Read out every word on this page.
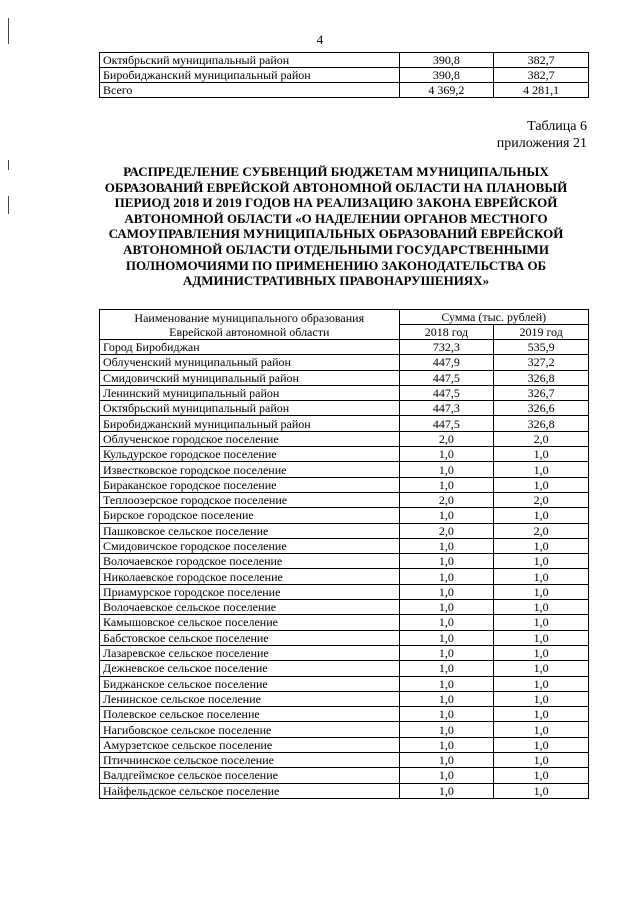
4
Октябрьский муниципальный район	390,8	382,7
Биробиджанский муниципальный район	390,8	382,7
Всего	4 369,2	4 281,1
Таблица 6
приложения 21
РАСПРЕДЕЛЕНИЕ СУБВЕНЦИЙ БЮДЖЕТАМ МУНИЦИПАЛЬНЫХ ОБРАЗОВАНИЙ ЕВРЕЙСКОЙ АВТОНОМНОЙ ОБЛАСТИ НА ПЛАНОВЫЙ ПЕРИОД 2018 И 2019 ГОДОВ НА РЕАЛИЗАЦИЮ ЗАКОНА ЕВРЕЙСКОЙ АВТОНОМНОЙ ОБЛАСТИ «О НАДЕЛЕНИИ ОРГАНОВ МЕСТНОГО САМОУПРАВЛЕНИЯ МУНИЦИПАЛЬНЫХ ОБРАЗОВАНИЙ ЕВРЕЙСКОЙ АВТОНОМНОЙ ОБЛАСТИ ОТДЕЛЬНЫМИ ГОСУДАРСТВЕННЫМИ ПОЛНОМОЧИЯМИ ПО ПРИМЕНЕНИЮ ЗАКОНОДАТЕЛЬСТВА ОБ АДМИНИСТРАТИВНЫХ ПРАВОНАРУШЕНИЯХ»
Наименование муниципального образования
Еврейской автономной области	Сумма (тыс. рублей)	
	2018 год	2019 год
Город Биробиджан	732,3	535,9
Облученский муниципальный район	447,9	327,2
Смидовичский муниципальный район	447,5	326,8
Ленинский муниципальный район	447,5	326,7
Октябрьский муниципальный район	447,3	326,6
Биробиджанский муниципальный район	447,5	326,8
Облученское городское поселение	2,0	2,0
Кульдурское городское поселение	1,0	1,0
Известковское городское поселение	1,0	1,0
Бираканское городское поселение	1,0	1,0
Теплоозерское городское поселение	2,0	2,0
Бирское городское поселение	1,0	1,0
Пашковское сельское поселение	2,0	2,0
Смидовичское городское поселение	1,0	1,0
Волочаевское городское поселение	1,0	1,0
Николаевское городское поселение	1,0	1,0
Приамурское городское поселение	1,0	1,0
Волочаевское сельское поселение	1,0	1,0
Камышовское сельское поселение	1,0	1,0
Бабстовское сельское поселение	1,0	1,0
Лазаревское сельское поселение	1,0	1,0
Дежневское сельское поселение	1,0	1,0
Биджанское сельское поселение	1,0	1,0
Ленинское сельское поселение	1,0	1,0
Полевское сельское поселение	1,0	1,0
Нагибовское сельское поселение	1,0	1,0
Амурзетское сельское поселение	1,0	1,0
Птичнинское сельское поселение	1,0	1,0
Валдгеймское сельское поселение	1,0	1,0
Найфельдское сельское поселение	1,0	1,0
